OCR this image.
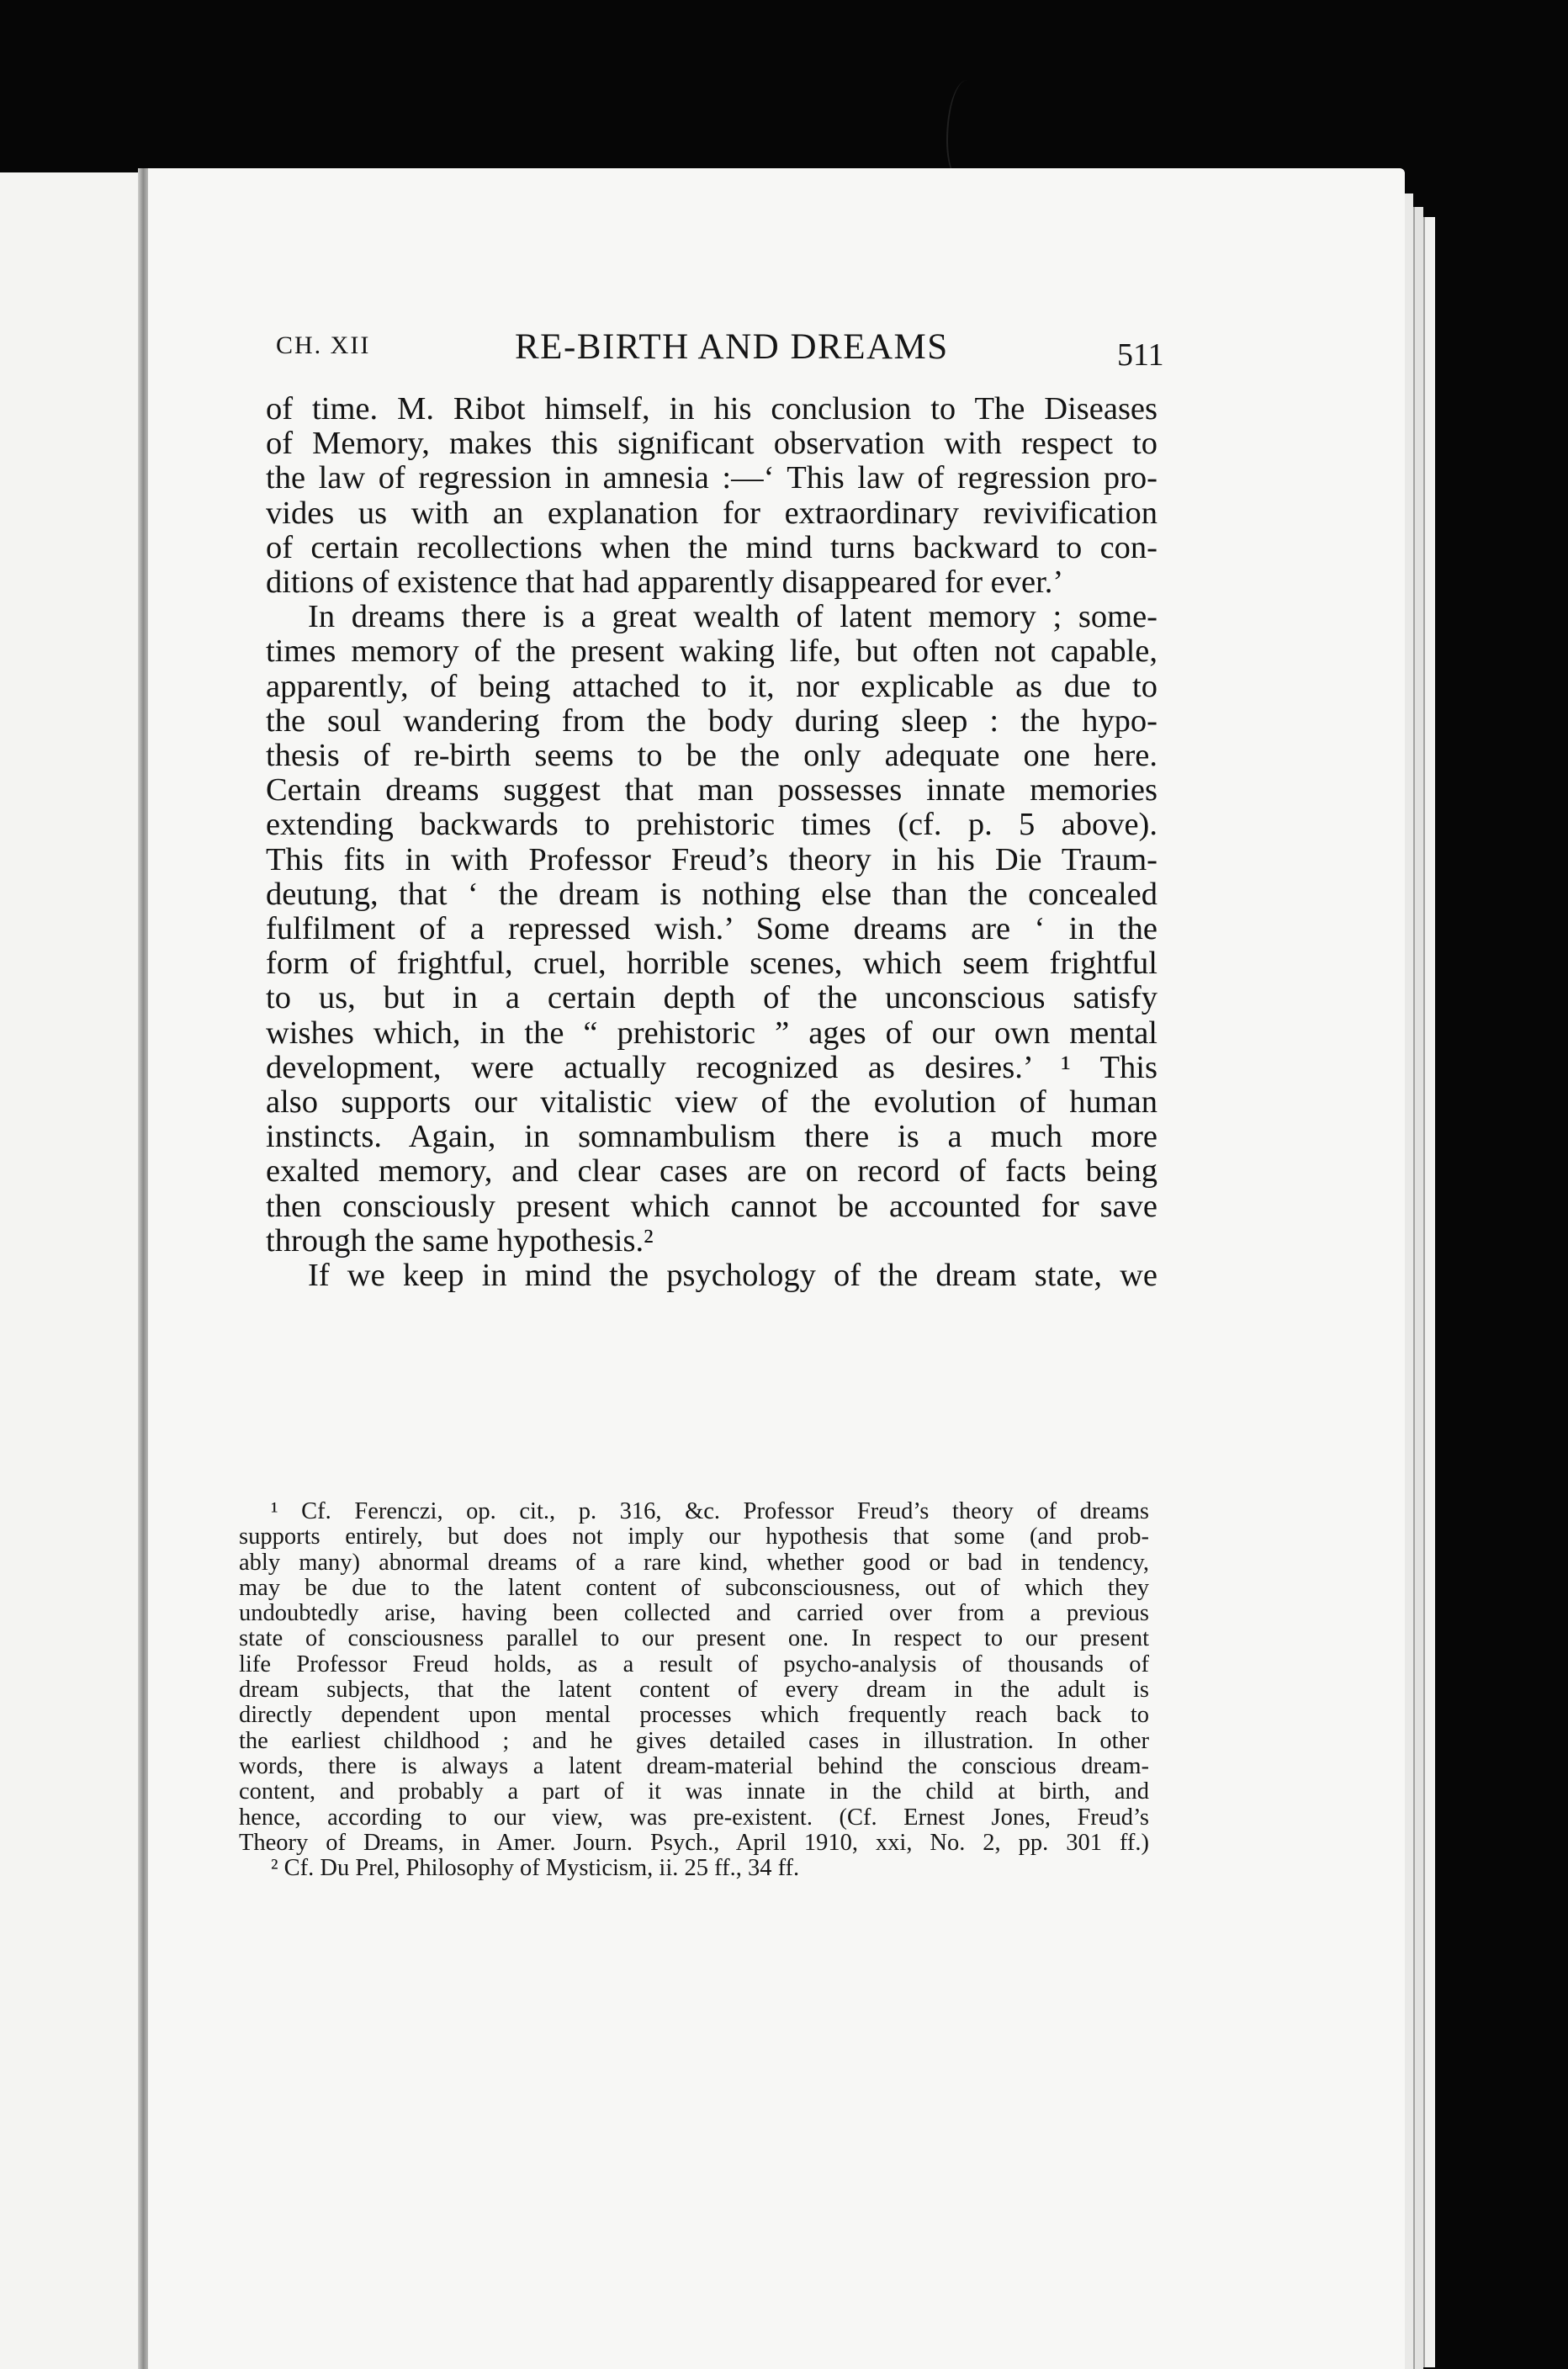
CH. XII	RE-BIRTH AND DREAMS	511
of time. M. Ribot himself, in his conclusion to The Diseases
of Memory, makes this significant observation with respect to
the law of regression in amnesia :—‘ This law of regression pro-
vides us with an explanation for extraordinary revivification
of certain recollections when the mind turns backward to con-
ditions of existence that had apparently disappeared for ever.’
In dreams there is a great wealth of latent memory ; some-
times memory of the present waking life, but often not capable,
apparently, of being attached to it, nor explicable as due to
the soul wandering from the body during sleep : the hypo-
thesis of re-birth seems to be the only adequate one here.
Certain dreams suggest that man possesses innate memories
extending backwards to prehistoric times (cf. p. 5 above).
This fits in with Professor Freud’s theory in his Die Traum-
deutung, that ‘ the dream is nothing else than the concealed
fulfilment of a repressed wish.’ Some dreams are ‘ in the
form of frightful, cruel, horrible scenes, which seem frightful
to us, but in a certain depth of the unconscious satisfy
wishes which, in the “ prehistoric ” ages of our own mental
development, were actually recognized as desires.’ ¹ This
also supports our vitalistic view of the evolution of human
instincts. Again, in somnambulism there is a much more
exalted memory, and clear cases are on record of facts being
then consciously present which cannot be accounted for save
through the same hypothesis.²
If we keep in mind the psychology of the dream state, we
¹ Cf. Ferenczi, op. cit., p. 316, &c. Professor Freud’s theory of dreams
supports entirely, but does not imply our hypothesis that some (and prob-
ably many) abnormal dreams of a rare kind, whether good or bad in tendency,
may be due to the latent content of subconsciousness, out of which they
undoubtedly arise, having been collected and carried over from a previous
state of consciousness parallel to our present one. In respect to our present
life Professor Freud holds, as a result of psycho-analysis of thousands of
dream subjects, that the latent content of every dream in the adult is
directly dependent upon mental processes which frequently reach back to
the earliest childhood ; and he gives detailed cases in illustration. In other
words, there is always a latent dream-material behind the conscious dream-
content, and probably a part of it was innate in the child at birth, and
hence, according to our view, was pre-existent. (Cf. Ernest Jones, Freud’s
Theory of Dreams, in Amer. Journ. Psych., April 1910, xxi, No. 2, pp. 301 ff.)
² Cf. Du Prel, Philosophy of Mysticism, ii. 25 ff., 34 ff.
